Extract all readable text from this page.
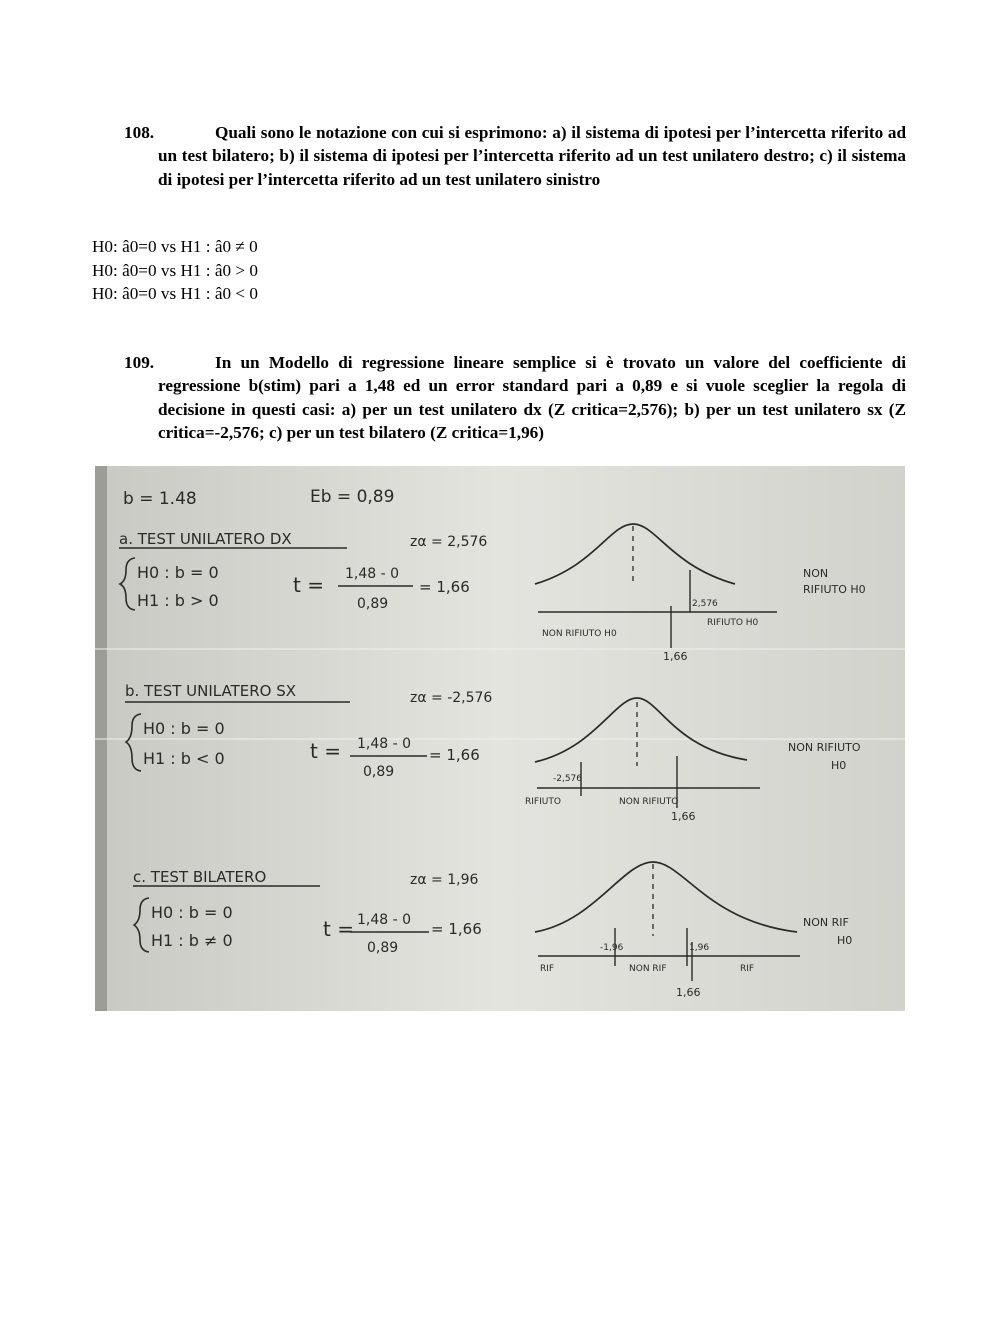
108.	Quali sono le notazione con cui si esprimono: a) il sistema di ipotesi per l’intercetta riferito ad un test bilatero; b) il sistema di ipotesi per l’intercetta riferito ad un test unilatero destro; c) il sistema di ipotesi per l’intercetta riferito ad un test unilatero sinistro
H0: â0=0 vs H1 : â0 ≠ 0
H0: â0=0 vs H1 : â0 > 0
H0: â0=0 vs H1 : â0 < 0
109.	In un Modello di regressione lineare semplice si è trovato un valore del coefficiente di regressione b(stim) pari a 1,48 ed un error standard pari a 0,89 e si vuole sceglier la regola di decisione in questi casi: a) per un test unilatero dx (Z critica=2,576); b) per un test unilatero sx (Z critica=-2,576; c) per un test bilatero (Z critica=1,96)
b = 1.48	Eb = 0,89
a. TEST UNILATERO DX	zα = 2,576
H0 : b = 0
H1 : b > 0
t = 1,48 - 0
0,89
= 1,66
2,576
NON RIFIUTO H0
RIFIUTO H0
1,66
NON
RIFIUTO H0
b. TEST UNILATERO SX	zα = -2,576
H0 : b = 0
H1 : b < 0	t = 1,48 - 0
0,89
= 1,66
-2,576
RIFIUTO	NON RIFIUTO
1,66
NON RIFIUTO
H0
c. TEST BILATERO	zα = 1,96
H0 : b = 0
H1 : b ≠ 0	t = 1,48 - 0
0,89
= 1,66
-1,96	1,96
RIF	NON RIF	RIF
1,66
NON RIF
H0
